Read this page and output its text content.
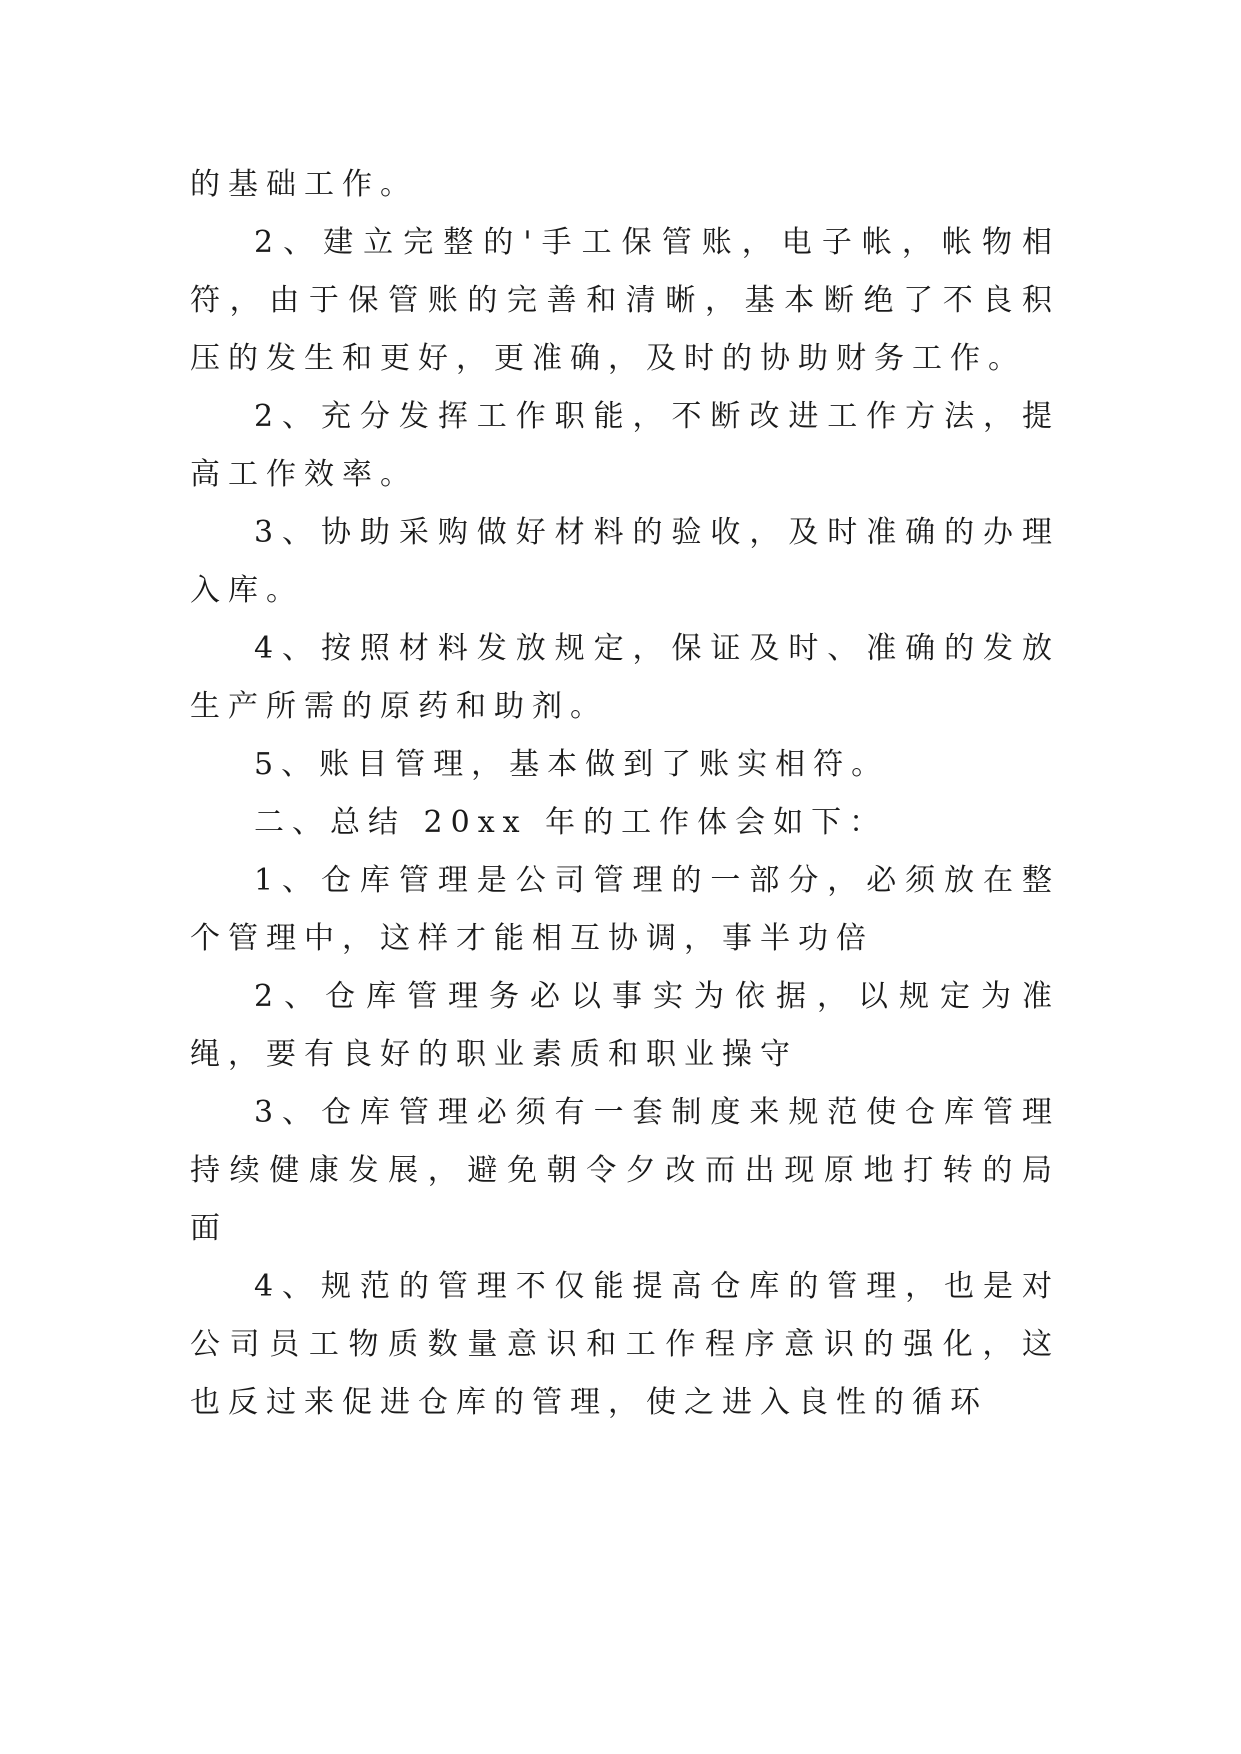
的基础工作。

2、建立完整的'手工保管账，电子帐，帐物相符，由于保管账的完善和清晰，基本断绝了不良积压的发生和更好，更准确，及时的协助财务工作。

2、充分发挥工作职能，不断改进工作方法，提高工作效率。

3、协助采购做好材料的验收，及时准确的办理入库。

4、按照材料发放规定，保证及时、准确的发放生产所需的原药和助剂。

5、账目管理，基本做到了账实相符。

二、总结 20xx 年的工作体会如下：

1、仓库管理是公司管理的一部分，必须放在整个管理中，这样才能相互协调，事半功倍

2、仓库管理务必以事实为依据，以规定为准绳，要有良好的职业素质和职业操守

3、仓库管理必须有一套制度来规范使仓库管理持续健康发展，避免朝令夕改而出现原地打转的局面

4、规范的管理不仅能提高仓库的管理，也是对公司员工物质数量意识和工作程序意识的强化，这也反过来促进仓库的管理，使之进入良性的循环
